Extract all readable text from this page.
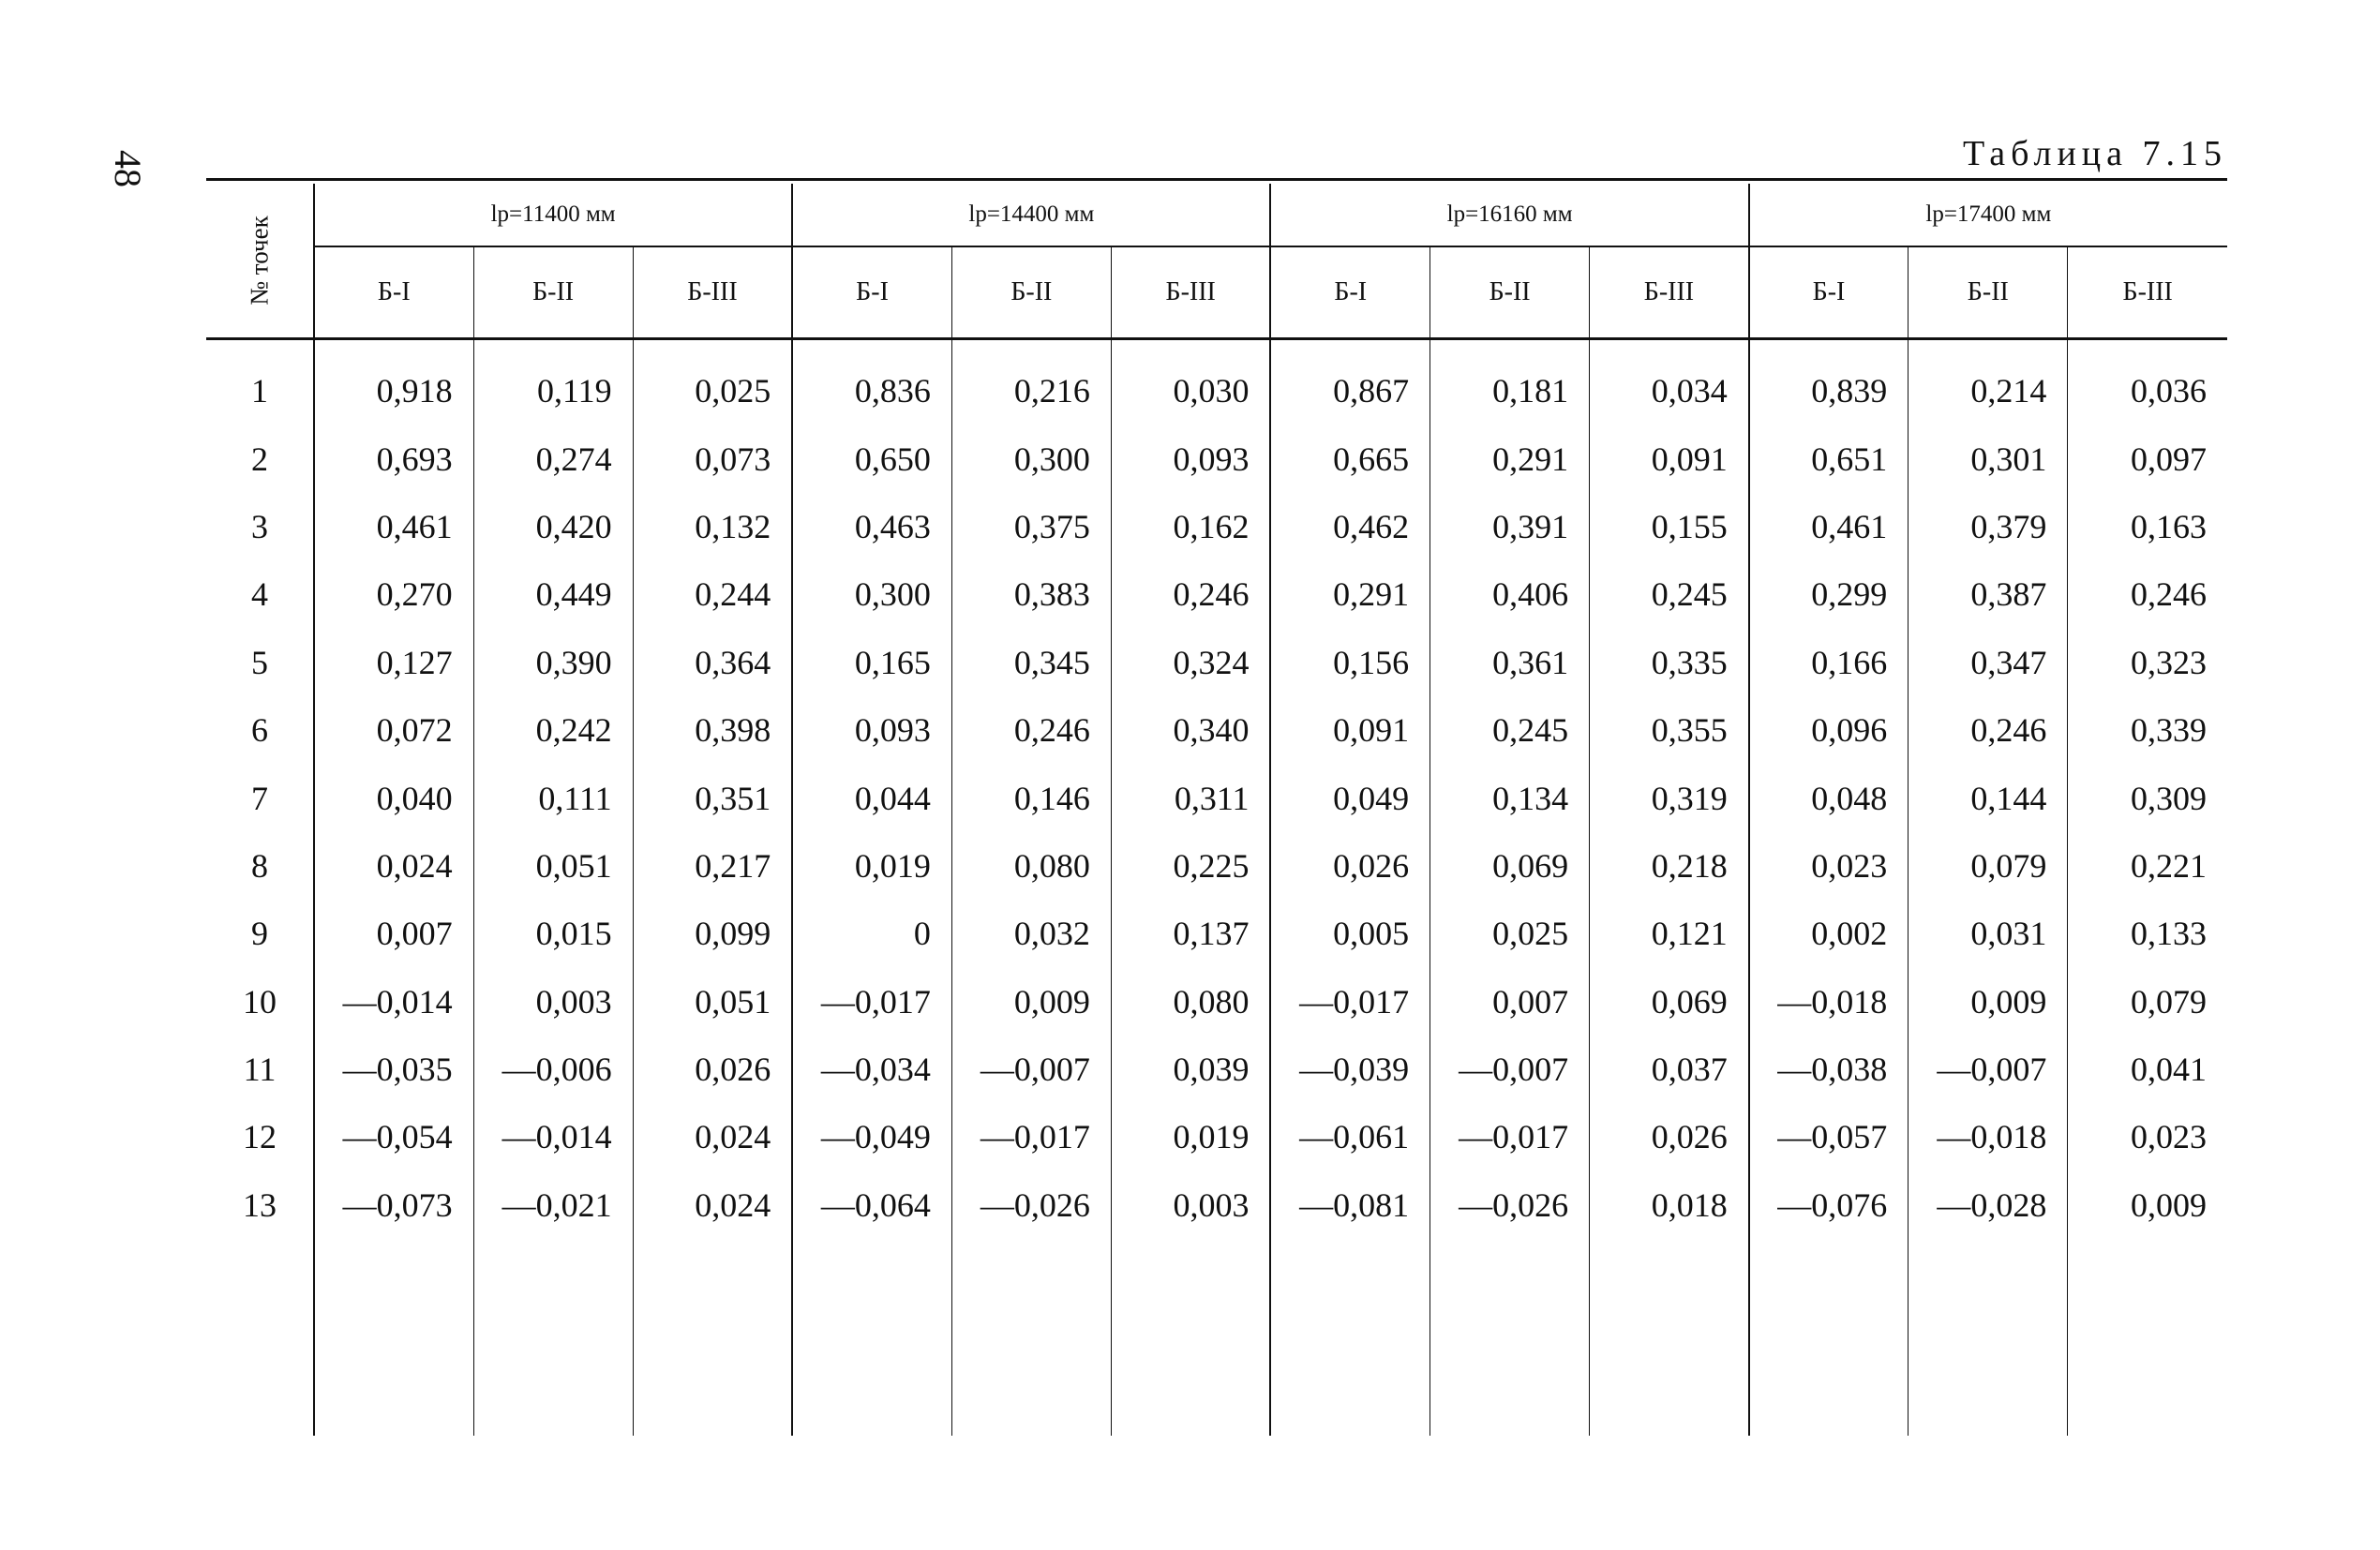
48	Таблица 7.15
№ точек	lр=11400 мм			lр=14400 мм			lр=16160 мм			lр=17400 мм		
	Б-I	Б-II	Б-III	Б-I	Б-II	Б-III	Б-I	Б-II	Б-III	Б-I	Б-II	Б-III
1	0,918	0,119	0,025	0,836	0,216	0,030	0,867	0,181	0,034	0,839	0,214	0,036
2	0,693	0,274	0,073	0,650	0,300	0,093	0,665	0,291	0,091	0,651	0,301	0,097
3	0,461	0,420	0,132	0,463	0,375	0,162	0,462	0,391	0,155	0,461	0,379	0,163
4	0,270	0,449	0,244	0,300	0,383	0,246	0,291	0,406	0,245	0,299	0,387	0,246
5	0,127	0,390	0,364	0,165	0,345	0,324	0,156	0,361	0,335	0,166	0,347	0,323
6	0,072	0,242	0,398	0,093	0,246	0,340	0,091	0,245	0,355	0,096	0,246	0,339
7	0,040	0,111	0,351	0,044	0,146	0,311	0,049	0,134	0,319	0,048	0,144	0,309
8	0,024	0,051	0,217	0,019	0,080	0,225	0,026	0,069	0,218	0,023	0,079	0,221
9	0,007	0,015	0,099	0	0,032	0,137	0,005	0,025	0,121	0,002	0,031	0,133
10	—0,014	0,003	0,051	—0,017	0,009	0,080	—0,017	0,007	0,069	—0,018	0,009	0,079
11	—0,035	—0,006	0,026	—0,034	—0,007	0,039	—0,039	—0,007	0,037	—0,038	—0,007	0,041
12	—0,054	—0,014	0,024	—0,049	—0,017	0,019	—0,061	—0,017	0,026	—0,057	—0,018	0,023
13	—0,073	—0,021	0,024	—0,064	—0,026	0,003	—0,081	—0,026	0,018	—0,076	—0,028	0,009
